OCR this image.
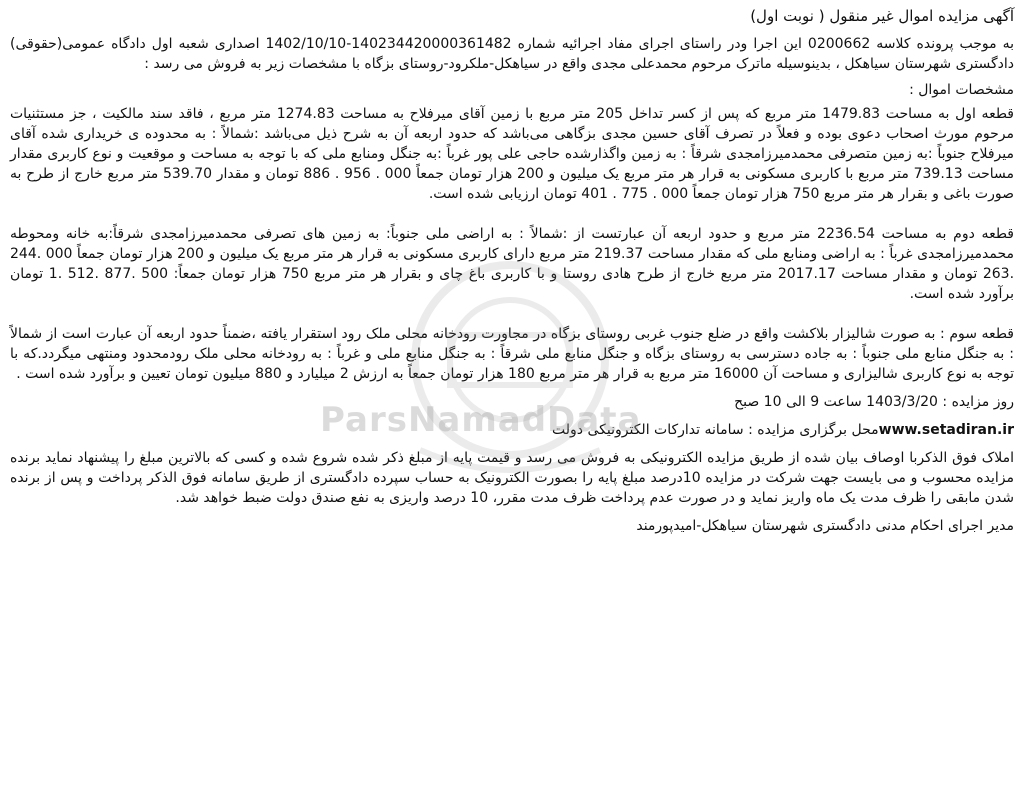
ParsNamadData

آگهی مزایده اموال غیر منقول ( نوبت اول)

به موجب پرونده کلاسه 0200662 این اجرا ودر راستای اجرای مفاد اجرائیه شماره 14023442000036148‌2-1402/10/10 اصداری شعبه اول دادگاه عمومی(حقوقی) دادگستری شهرستان سیاهکل ، بدینوسیله ماترک مرحوم محمدعلی مجدی واقع در سیاهکل-ملکرود-روستای بزگاه با مشخصات زیر به فروش می رسد :

مشخصات اموال :

قطعه اول به مساحت 1479.83 متر مربع که پس از کسر تداخل 205 متر مربع با زمین آقای میرفلاح به مساحت 1274.83 متر مربع ، فاقد سند مالکیت ، جز مستثنیات مرحوم مورث اصحاب دعوی بوده و فعلاً در تصرف آقای حسین مجدی بزگاهی می‌باشد که حدود اربعه آن به شرح ذیل می‌باشد :شمالاً : به محدوده ی خریداری شده آقای میرفلاح جنوباً :به زمین متصرفی محمدمیرزامجدی شرقاً : به زمین واگذارشده حاجی علی پور غرباً :به جنگل ومنابع ملی که با توجه به مساحت و موقعیت و نوع کاربری مقدار مساحت 739.13 متر مربع با کاربری مسکونی به قرار هر متر مربع یک میلیون و 200 هزار تومان جمعاً 000 . 956 . 886 تومان و مقدار 539.70 متر مربع خارج از طرح به صورت باغی و بقرار هر متر مربع 750 هزار تومان جمعاً 000 . 775 . 401 تومان ارزیابی شده است.

قطعه دوم به مساحت 2236.54 متر مربع و حدود اربعه آن عبارتست از :شمالاً : به اراضی ملی جنوباً: به زمین های تصرفی محمدمیرزامجدی شرقاً:به خانه ومحوطه محمدمیرزامجدی غرباً : به اراضی ومنابع ملی که مقدار مساحت 219.37 متر مربع دارای کاربری مسکونی به قرار هر متر مربع یک میلیون و 200 هزار تومان جمعاً 000 .244 .263 تومان و مقدار مساحت 2017.17 متر مربع خارج از طرح هادی روستا و با کاربری باغ چای و بقرار هر متر مربع 750 هزار تومان جمعاً: 500 .877 .512 .1 تومان برآورد شده است.

قطعه سوم : به صورت شالیزار بلاکشت واقع در ضلع جنوب غربی روستای بزگاه در مجاورت رودخانه محلی ملک رود استقرار یافته ،ضمناً حدود اربعه آن عبارت است از شمالاً : به جنگل منابع ملی جنوباً : به جاده دسترسی به روستای بزگاه و جنگل منابع ملی شرقاً : به جنگل منابع ملی و غرباً : به رودخانه محلی ملک رودمحدود ومنتهی میگردد.که با توجه به نوع کاربری شالیزاری و مساحت آن 16000 متر مربع به قرار هر متر مربع 180 هزار تومان جمعاً به ارزش 2 میلیارد و 880 میلیون تومان تعیین و برآورد شده است .

روز مزایده : 1403/3/20 ساعت 9 الی 10 صبح

www.setadiran.irمحل برگزاری مزایده : سامانه تدارکات الکترونیکی دولت

املاک فوق الذکربا اوصاف بیان شده از طریق مزایده الکترونیکی به فروش می رسد و قیمت پایه از مبلغ ذکر شده شروع شده و کسی که بالاترین مبلغ را پیشنهاد نماید برنده مزایده محسوب و می بایست جهت شرکت در مزایده 10درصد مبلغ پایه را بصورت الکترونیک به حساب سپرده دادگستری از طریق سامانه فوق الذکر پرداخت و پس از برنده شدن مابقی را ظرف مدت یک ماه واریز نماید و در صورت عدم پرداخت ظرف مدت مقرر، 10 درصد واریزی به نفع صندق دولت ضبط خواهد شد.

مدیر اجرای احکام مدنی دادگستری شهرستان سیاهکل-امیدپورمند
